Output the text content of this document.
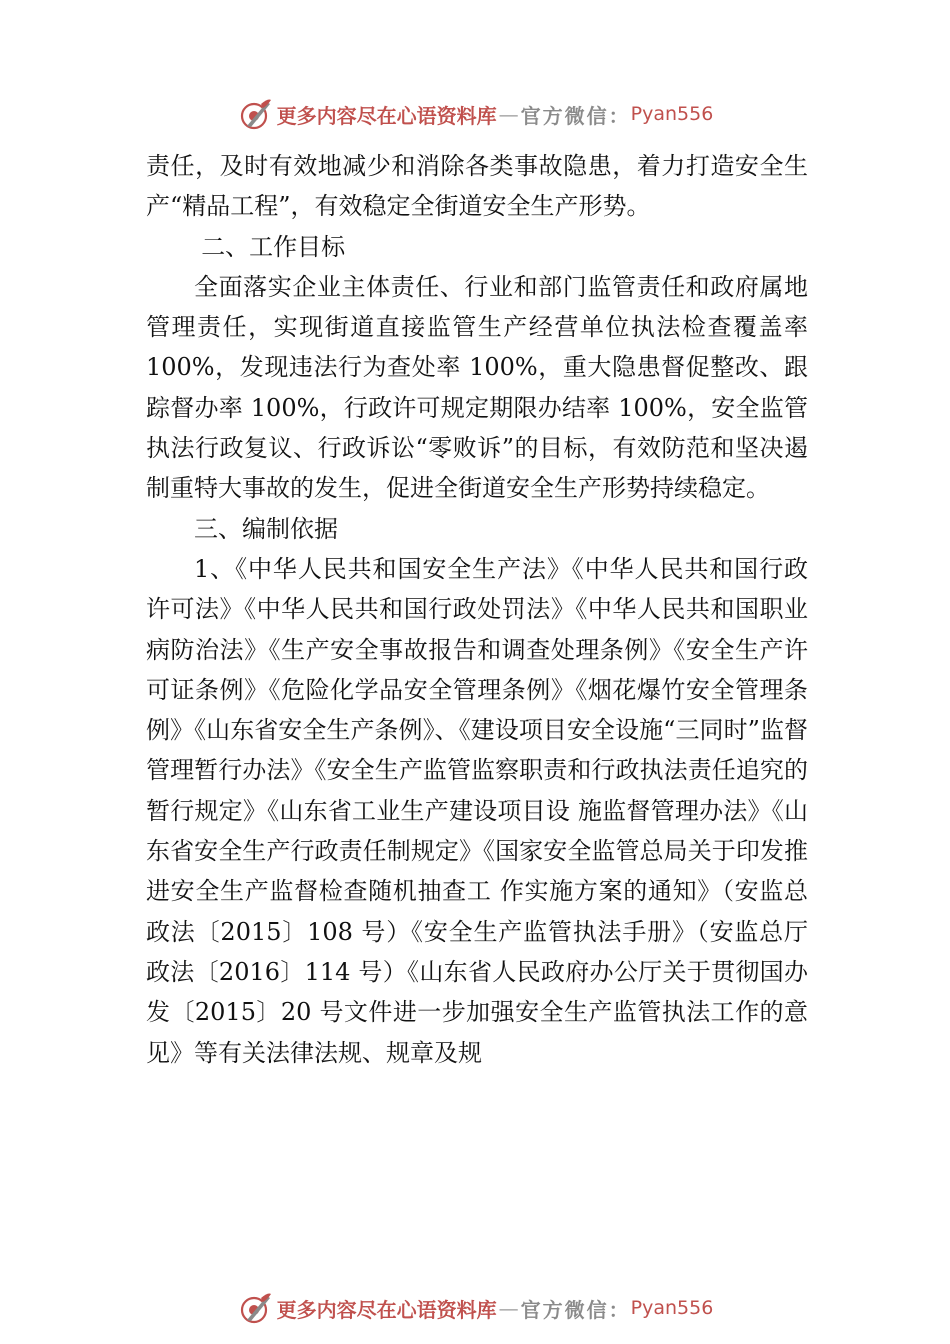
更多内容尽在心语资料库 — 官方微信： Pyan556

责任，及时有效地减少和消除各类事故隐患，着力打造安全生产“精品工程”，有效稳定全街道安全生产形势。

二、工作目标

全面落实企业主体责任、行业和部门监管责任和政府属地管理责任，实现街道直接监管生产经营单位执法检查覆盖率 100%，发现违法行为查处率 100%，重大隐患督促整改、跟踪督办率 100%，行政许可规定期限办结率 100%，安全监管执法行政复议、行政诉讼“零败诉”的目标，有效防范和坚决遏制重特大事故的发生，促进全街道安全生产形势持续稳定。

三、编制依据

1、《中华人民共和国安全生产法》《中华人民共和国行政许可法》《中华人民共和国行政处罚法》《中华人民共和国职业病防治法》《生产安全事故报告和调查处理条例》《安全生产许可证条例》《危险化学品安全管理条例》《烟花爆竹安全管理条例》《山东省安全生产条例》、《建设项目安全设施“三同时”监督管理暂行办法》《安全生产监管监察职责和行政执法责任追究的暂行规定》《山东省工业生产建设项目设 施监督管理办法》《山东省安全生产行政责任制规定》《国家安全监管总局关于印发推进安全生产监督检查随机抽查工 作实施方案的通知》（安监总政法〔2015〕108 号）《安全生产监管执法手册》（安监总厅政法〔2016〕114 号）《山东省人民政府办公厅关于贯彻国办发〔2015〕20 号文件进一步加强安全生产监管执法工作的意见》等有关法律法规、规章及规

更多内容尽在心语资料库 — 官方微信： Pyan556
